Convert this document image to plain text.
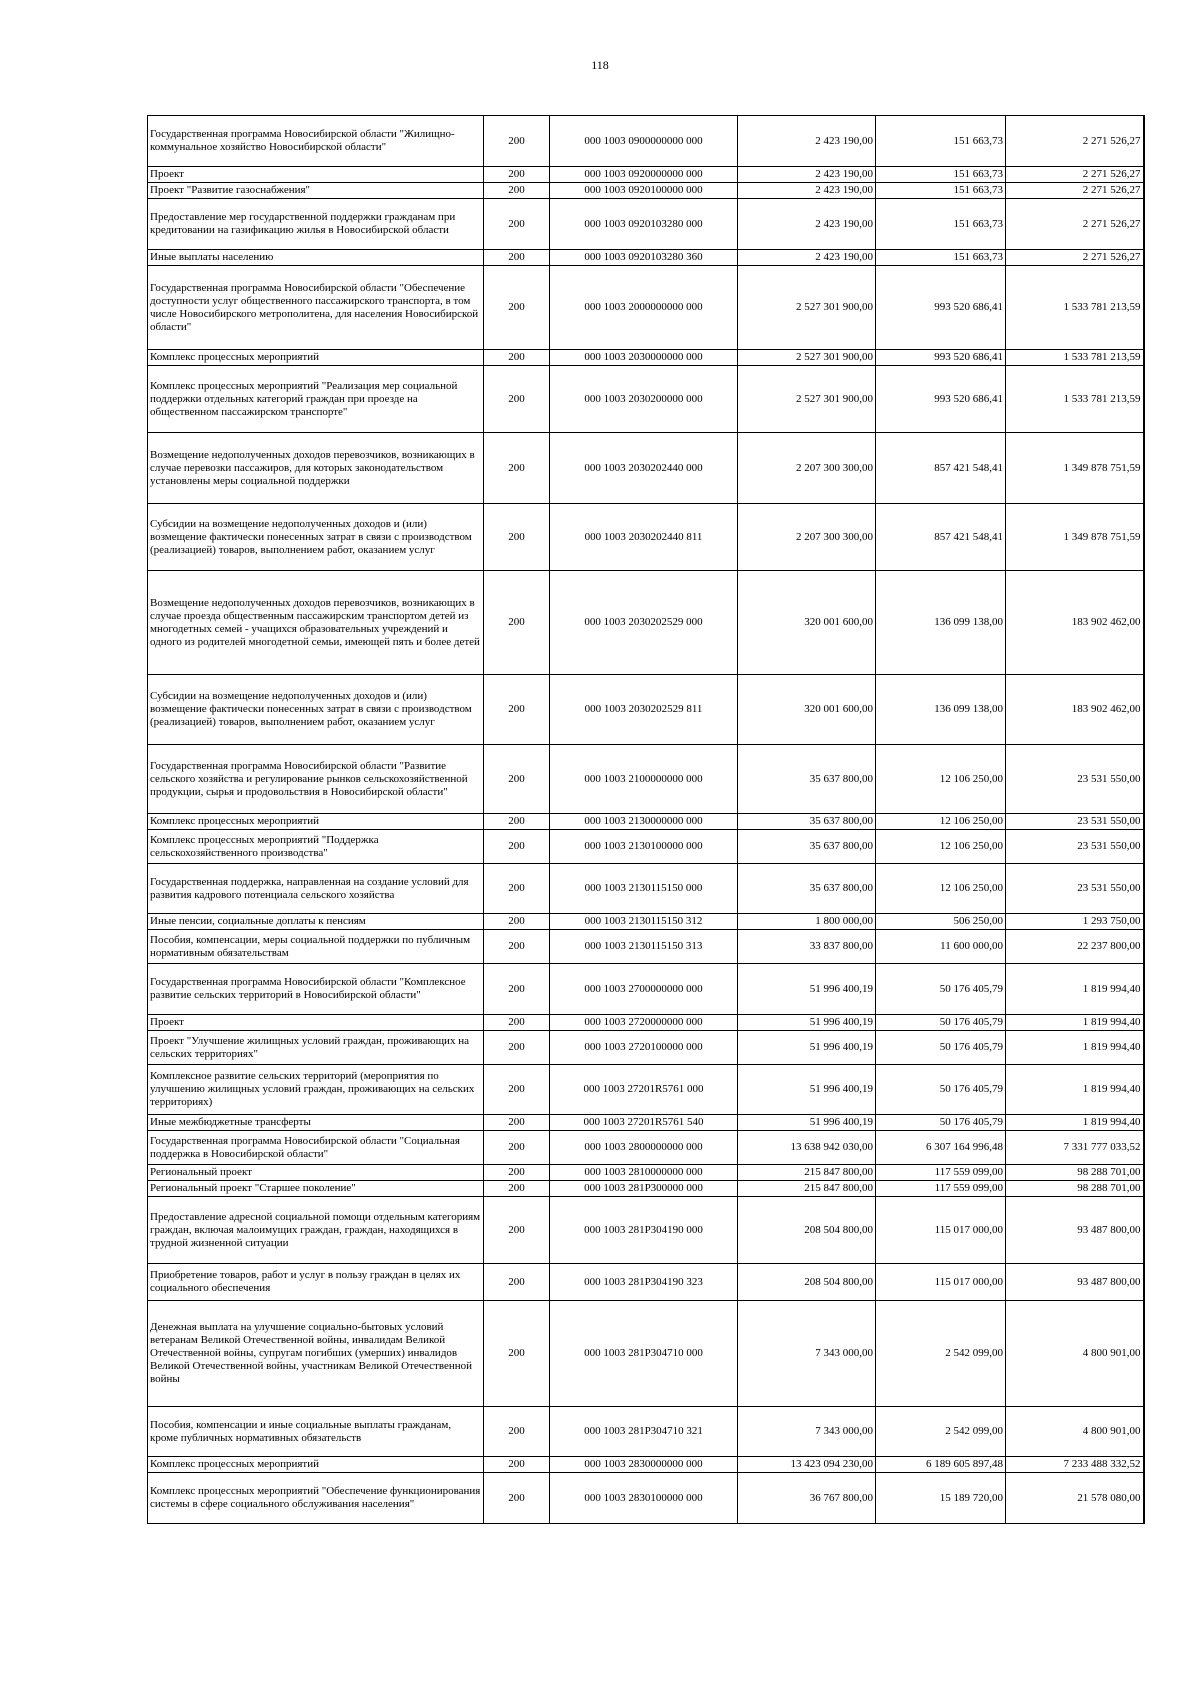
118
Государственная программа Новосибирской области "Жилищно-коммунальное хозяйство Новосибирской области"	200	000 1003 0900000000 000	2 423 190,00	151 663,73	2 271 526,27
Проект	200	000 1003 0920000000 000	2 423 190,00	151 663,73	2 271 526,27
Проект "Развитие газоснабжения"	200	000 1003 0920100000 000	2 423 190,00	151 663,73	2 271 526,27
Предоставление мер государственной поддержки гражданам при кредитовании на газификацию жилья в Новосибирской области	200	000 1003 0920103280 000	2 423 190,00	151 663,73	2 271 526,27
Иные выплаты населению	200	000 1003 0920103280 360	2 423 190,00	151 663,73	2 271 526,27
Государственная программа Новосибирской области "Обеспечение доступности услуг общественного пассажирского транспорта, в том числе Новосибирского метрополитена, для населения Новосибирской области"	200	000 1003 2000000000 000	2 527 301 900,00	993 520 686,41	1 533 781 213,59
Комплекс процессных мероприятий	200	000 1003 2030000000 000	2 527 301 900,00	993 520 686,41	1 533 781 213,59
Комплекс процессных мероприятий "Реализация мер социальной поддержки отдельных категорий граждан при проезде на общественном пассажирском транспорте"	200	000 1003 2030200000 000	2 527 301 900,00	993 520 686,41	1 533 781 213,59
Возмещение недополученных доходов перевозчиков, возникающих в случае перевозки пассажиров, для которых законодательством установлены меры социальной поддержки	200	000 1003 2030202440 000	2 207 300 300,00	857 421 548,41	1 349 878 751,59
Субсидии на возмещение недополученных доходов и (или) возмещение фактически понесенных затрат в связи с производством (реализацией) товаров, выполнением работ, оказанием услуг	200	000 1003 2030202440 811	2 207 300 300,00	857 421 548,41	1 349 878 751,59
Возмещение недополученных доходов перевозчиков, возникающих в случае проезда общественным пассажирским транспортом детей из многодетных семей - учащихся образовательных учреждений и одного из родителей многодетной семьи, имеющей пять и более детей	200	000 1003 2030202529 000	320 001 600,00	136 099 138,00	183 902 462,00
Субсидии на возмещение недополученных доходов и (или) возмещение фактически понесенных затрат в связи с производством (реализацией) товаров, выполнением работ, оказанием услуг	200	000 1003 2030202529 811	320 001 600,00	136 099 138,00	183 902 462,00
Государственная программа Новосибирской области "Развитие сельского хозяйства и регулирование рынков сельскохозяйственной продукции, сырья и продовольствия в Новосибирской области"	200	000 1003 2100000000 000	35 637 800,00	12 106 250,00	23 531 550,00
Комплекс процессных мероприятий	200	000 1003 2130000000 000	35 637 800,00	12 106 250,00	23 531 550,00
Комплекс процессных мероприятий "Поддержка сельскохозяйственного производства"	200	000 1003 2130100000 000	35 637 800,00	12 106 250,00	23 531 550,00
Государственная поддержка, направленная на создание условий для развития кадрового потенциала сельского хозяйства	200	000 1003 2130115150 000	35 637 800,00	12 106 250,00	23 531 550,00
Иные пенсии, социальные доплаты к пенсиям	200	000 1003 2130115150 312	1 800 000,00	506 250,00	1 293 750,00
Пособия, компенсации, меры социальной поддержки по публичным нормативным обязательствам	200	000 1003 2130115150 313	33 837 800,00	11 600 000,00	22 237 800,00
Государственная программа Новосибирской области "Комплексное развитие сельских территорий в Новосибирской области"	200	000 1003 2700000000 000	51 996 400,19	50 176 405,79	1 819 994,40
Проект	200	000 1003 2720000000 000	51 996 400,19	50 176 405,79	1 819 994,40
Проект "Улучшение жилищных условий граждан, проживающих на сельских территориях"	200	000 1003 2720100000 000	51 996 400,19	50 176 405,79	1 819 994,40
Комплексное развитие сельских территорий (мероприятия по улучшению жилищных условий граждан, проживающих на сельских территориях)	200	000 1003 27201R5761 000	51 996 400,19	50 176 405,79	1 819 994,40
Иные межбюджетные трансферты	200	000 1003 27201R5761 540	51 996 400,19	50 176 405,79	1 819 994,40
Государственная программа Новосибирской области "Социальная поддержка в Новосибирской области"	200	000 1003 2800000000 000	13 638 942 030,00	6 307 164 996,48	7 331 777 033,52
Региональный проект	200	000 1003 2810000000 000	215 847 800,00	117 559 099,00	98 288 701,00
Региональный проект "Старшее поколение"	200	000 1003 281P300000 000	215 847 800,00	117 559 099,00	98 288 701,00
Предоставление адресной социальной помощи отдельным категориям граждан, включая малоимущих граждан, граждан, находящихся в трудной жизненной ситуации	200	000 1003 281P304190 000	208 504 800,00	115 017 000,00	93 487 800,00
Приобретение товаров, работ и услуг в пользу граждан в целях их социального обеспечения	200	000 1003 281P304190 323	208 504 800,00	115 017 000,00	93 487 800,00
Денежная выплата на улучшение социально-бытовых условий ветеранам Великой Отечественной войны, инвалидам Великой Отечественной войны, супругам погибших (умерших) инвалидов Великой Отечественной войны, участникам Великой Отечественной войны	200	000 1003 281P304710 000	7 343 000,00	2 542 099,00	4 800 901,00
Пособия, компенсации и иные социальные выплаты гражданам, кроме публичных нормативных обязательств	200	000 1003 281P304710 321	7 343 000,00	2 542 099,00	4 800 901,00
Комплекс процессных мероприятий	200	000 1003 2830000000 000	13 423 094 230,00	6 189 605 897,48	7 233 488 332,52
Комплекс процессных мероприятий "Обеспечение функционирования системы в сфере социального обслуживания населения"	200	000 1003 2830100000 000	36 767 800,00	15 189 720,00	21 578 080,00
